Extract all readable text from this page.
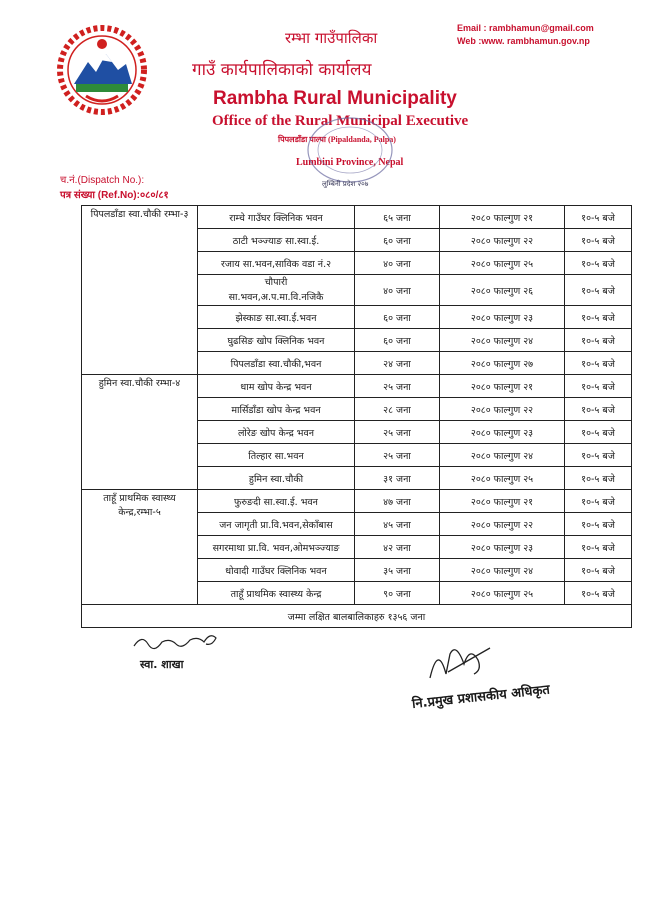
Email : rambhamun@gmail.com
Web :www. rambhamun.gov.np
रम्भा गाउँपालिका
गाउँ कार्यपालिकाको कार्यालय
Rambha Rural Municipality
Office of the Rural Municipal Executive
पिपलडाँडा पाल्पा (Pipaldanda, Palpa)
Lumbini Province, Nepal
च.नं.(Dispatch No.):
पत्र संख्या (Ref.No):०८०/८१
लुम्बिनी प्रदेश २०७
पिपलडाँडा स्वा.चौकी रम्भा-३	राम्चे गाउँघर क्लिनिक भवन	६५ जना	२०८० फाल्गुण २१	१०-५ बजे
	ठाटी भञ्ज्याङ सा.स्वा.ई.	६० जना	२०८० फाल्गुण २२	१०-५ बजे
	रजाय सा.भवन,साविक वडा नं.२	४० जना	२०८० फाल्गुण २५	१०-५ बजे

	चौपारी
सा.भवन,अ.प.मा.वि.नजिकै	४० जना	२०८० फाल्गुण २६	१०-५ बजे
	झेस्काङ सा.स्वा.ई.भवन	६० जना	२०८० फाल्गुण २३	१०-५ बजे
	घुढसिङ खोप क्लिनिक भवन	६० जना	२०८० फाल्गुण २४	१०-५ बजे
	पिपलडाँडा स्वा.चौकी,भवन	२४ जना	२०८० फाल्गुण २७	१०-५ बजे
हुमिन स्वा.चौकी रम्भा-४	धाम खोप केन्द्र भवन	२५ जना	२०८० फाल्गुण २१	१०-५ बजे
	मार्सिडाँडा खोप केन्द्र भवन	२८ जना	२०८० फाल्गुण २२	१०-५ बजे
	लोरेङ खोप केन्द्र भवन	२५ जना	२०८० फाल्गुण २३	१०-५ बजे
	तिल्हार सा.भवन	२५ जना	२०८० फाल्गुण २४	१०-५ बजे
	हुमिन स्वा.चौकी	३१ जना	२०८० फाल्गुण २५	१०-५ बजे
ताहूँ प्राथमिक स्वास्थ्य केन्द्र,रम्भा-५	फुरुङदी सा.स्वा.ई. भवन	४७ जना	२०८० फाल्गुण २१	१०-५ बजे
	जन जागृती प्रा.वि.भवन,सेकाँबास	४५ जना	२०८० फाल्गुण २२	१०-५ बजे
	सगरमाथा प्रा.वि. भवन,ओमभञ्ज्याङ	४२ जना	२०८० फाल्गुण २३	१०-५ बजे
	धोवादी गाउँघर क्लिनिक भवन	३५ जना	२०८० फाल्गुण २४	१०-५ बजे
	ताहूँ प्राथमिक स्वास्थ्य केन्द्र	९० जना	२०८० फाल्गुण २५	१०-५ बजे
जम्मा लक्षित बालबालिकाहरु १३५६ जना				
स्वा. शाखा
नि.प्रमुख प्रशासकीय अधिकृत
